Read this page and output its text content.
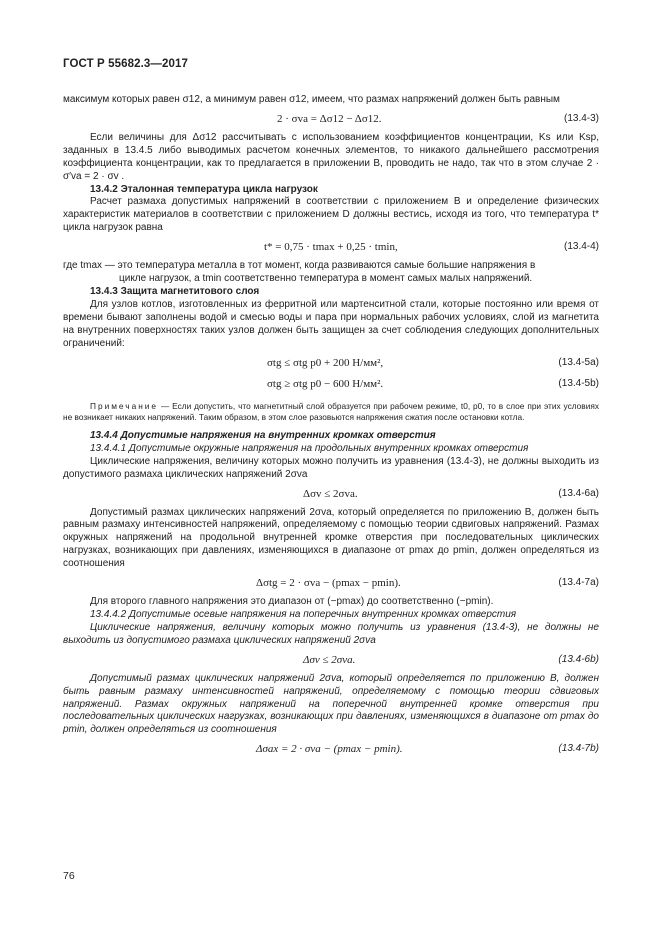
ГОСТ Р 55682.3—2017

максимум которых равен σ12, а минимум равен σ12, имеем, что размах напряжений должен быть равным

2 · σva = Δσ12 − Δσ12.	(13.4-3)

Если величины для Δσ12 рассчитывать с использованием коэффициентов концентрации, Ks или Ksp, заданных в 13.4.5 либо выводимых расчетом конечных элементов, то никакого дальнейшего рассмотрения коэффициента концентрации, как то предлагается в приложении В, проводить не надо, так что в этом случае 2 · σ′va = 2 · σv .

13.4.2 Эталонная температура цикла нагрузок

Расчет размаха допустимых напряжений в соответствии с приложением В и определение физических характеристик материалов в соответствии с приложением D должны вестись, исходя из того, что температура t* цикла нагрузок равна

t* = 0,75 · tmax + 0,25 · tmin,	(13.4-4)

где tmax — это температура металла в тот момент, когда развиваются самые большие напряжения в

цикле нагрузок, а tmin соответственно температура в момент самых малых напряжений.

13.4.3 Защита магнетитового слоя

Для узлов котлов, изготовленных из ферритной или мартенситной стали, которые постоянно или время от времени бывают заполнены водой и смесью воды и пара при нормальных рабочих условиях, слой из магнетита на внутренних поверхностях таких узлов должен быть защищен за счет соблюдения следующих дополнительных ограничений:

σtg ≤ σtg p0 + 200 Н/мм²,	(13.4-5a)
σtg ≥ σtg p0 − 600 Н/мм².	(13.4-5b)

Примечание — Если допустить, что магнетитный слой образуется при рабочем режиме, t0, p0, то в слое при этих условиях не возникает никаких напряжений. Таким образом, в этом слое разовьются напряжения сжатия после остановки котла.

13.4.4 Допустимые напряжения на внутренних кромках отверстия

13.4.4.1 Допустимые окружные напряжения на продольных внутренних кромках отверстия

Циклические напряжения, величину которых можно получить из уравнения (13.4-3), не должны выходить из допустимого размаха циклических напряжений 2σva

Δσv ≤ 2σva.	(13.4-6a)

Допустимый размах циклических напряжений 2σva, который определяется по приложению В, должен быть равным размаху интенсивностей напряжений, определяемому с помощью теории сдвиговых напряжений. Размах окружных напряжений на продольной внутренней кромке отверстия при последовательных циклических нагрузках, возникающих при давлениях, изменяющихся в диапазоне от pmax до pmin, должен определяться из соотношения

Δσtg = 2 · σva − (pmax − pmin).	(13.4-7a)

Для второго главного напряжения это диапазон от (−pmax) до соответственно (−pmin).

13.4.4.2 Допустимые осевые напряжения на поперечных внутренних кромках отверстия

Циклические напряжения, величину которых можно получить из уравнения (13.4-3), не должны не выходить из допустимого размаха циклических напряжений 2σva

Δσv ≤ 2σva.	(13.4-6b)

Допустимый размах циклических напряжений 2σva, который определяется по приложению В, должен быть равным размаху интенсивностей напряжений, определяемому с помощью теории сдвиговых напряжений. Размах окружных напряжений на поперечной внутренней кромке отверстия при последовательных циклических нагрузках, возникающих при давлениях, изменяющихся в диапазоне от pmax до pmin, должен определяться из соотношения

Δσax = 2 · σva − (pmax − pmin).	(13.4-7b)
76
